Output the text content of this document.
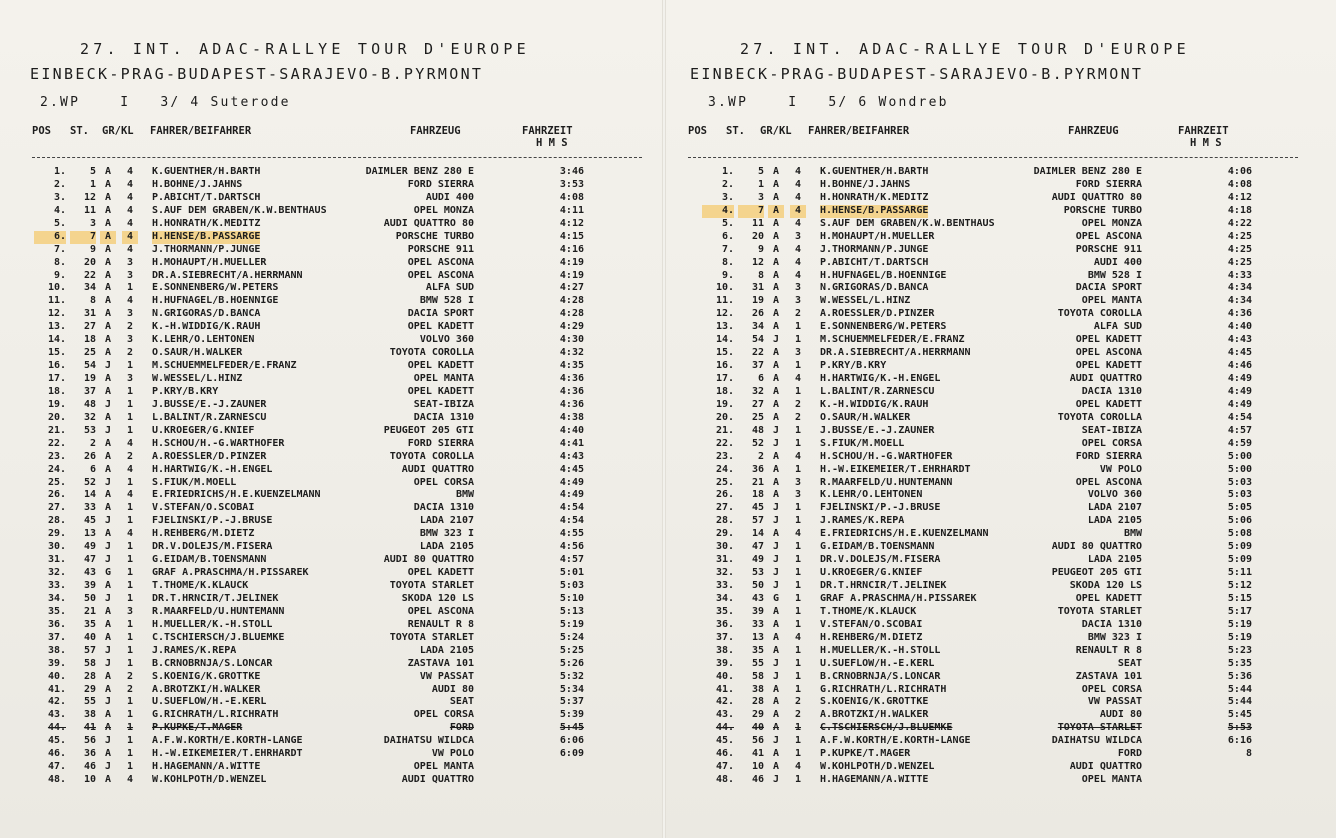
27. INT. ADAC-RALLYE TOUR D'EUROPE
EINBECK-PRAG-BUDAPEST-SARAJEVO-B.PYRMONT
2.WP    I   3/ 4 Suterode
POS ST. GR/KL FAHRER/BEIFAHRER	FAHRZEUG	FAHRZEIT
H M S
1.	5 A	4	K.GUENTHER/H.BARTH	DAIMLER BENZ 280 E	3:46
2.	1 A	4	H.BOHNE/J.JAHNS	FORD SIERRA	3:53
3.	12 A	4	P.ABICHT/T.DARTSCH	AUDI 400	4:08
4.	11 A	4	S.AUF DEM GRABEN/K.W.BENTHAUS	OPEL MONZA	4:11
5.	3 A	4	H.HONRATH/K.MEDITZ	AUDI QUATTRO 80	4:12
6.	7 A	4	H.HENSE/B.PASSARGE	PORSCHE TURBO	4:15
7.	9 A	4	J.THORMANN/P.JUNGE	PORSCHE 911	4:16
8.	20 A	3	H.MOHAUPT/H.MUELLER	OPEL ASCONA	4:19
9.	22 A	3	DR.A.SIEBRECHT/A.HERRMANN	OPEL ASCONA	4:19
10.	34 A	1	E.SONNENBERG/W.PETERS	ALFA SUD	4:27
11.	8 A	4	H.HUFNAGEL/B.HOENNIGE	BMW 528 I	4:28
12.	31 A	3	N.GRIGORAS/D.BANCA	DACIA SPORT	4:28
13.	27 A	2	K.-H.WIDDIG/K.RAUH	OPEL KADETT	4:29
14.	18 A	3	K.LEHR/O.LEHTONEN	VOLVO 360	4:30
15.	25 A	2	O.SAUR/H.WALKER	TOYOTA COROLLA	4:32
16.	54 J	1	M.SCHUEMMELFEDER/E.FRANZ	OPEL KADETT	4:35
17.	19 A	3	W.WESSEL/L.HINZ	OPEL MANTA	4:36
18.	37 A	1	P.KRY/B.KRY	OPEL KADETT	4:36
19.	48 J	1	J.BUSSE/E.-J.ZAUNER	SEAT-IBIZA	4:36
20.	32 A	1	L.BALINT/R.ZARNESCU	DACIA 1310	4:38
21.	53 J	1	U.KROEGER/G.KNIEF	PEUGEOT 205 GTI	4:40
22.	2 A	4	H.SCHOU/H.-G.WARTHOFER	FORD SIERRA	4:41
23.	26 A	2	A.ROESSLER/D.PINZER	TOYOTA COROLLA	4:43
24.	6 A	4	H.HARTWIG/K.-H.ENGEL	AUDI QUATTRO	4:45
25.	52 J	1	S.FIUK/M.MOELL	OPEL CORSA	4:49
26.	14 A	4	E.FRIEDRICHS/H.E.KUENZELMANN	BMW	4:49
27.	33 A	1	V.STEFAN/O.SCOBAI	DACIA 1310	4:54
28.	45 J	1	FJELINSKI/P.-J.BRUSE	LADA 2107	4:54
29.	13 A	4	H.REHBERG/M.DIETZ	BMW 323 I	4:55
30.	49 J	1	DR.V.DOLEJS/M.FISERA	LADA 2105	4:56
31.	47 J	1	G.EIDAM/B.TOENSMANN	AUDI 80 QUATTRO	4:57
32.	43 G	1	GRAF A.PRASCHMA/H.PISSAREK	OPEL KADETT	5:01
33.	39 A	1	T.THOME/K.KLAUCK	TOYOTA STARLET	5:03
34.	50 J	1	DR.T.HRNCIR/T.JELINEK	SKODA 120 LS	5:10
35.	21 A	3	R.MAARFELD/U.HUNTEMANN	OPEL ASCONA	5:13
36.	35 A	1	H.MUELLER/K.-H.STOLL	RENAULT R 8	5:19
37.	40 A	1	C.TSCHIERSCH/J.BLUEMKE	TOYOTA STARLET	5:24
38.	57 J	1	J.RAMES/K.REPA	LADA 2105	5:25
39.	58 J	1	B.CRNOBRNJA/S.LONCAR	ZASTAVA 101	5:26
40.	28 A	2	S.KOENIG/K.GROTTKE	VW PASSAT	5:32
41.	29 A	2	A.BROTZKI/H.WALKER	AUDI 80	5:34
42.	55 J	1	U.SUEFLOW/H.-E.KERL	SEAT	5:37
43.	38 A	1	G.RICHRATH/L.RICHRATH	OPEL CORSA	5:39
44.	41 A	1	P.KUPKE/T.MAGER	FORD	5:45
45.	56 J	1	A.F.W.KORTH/E.KORTH-LANGE	DAIHATSU WILDCA	6:06
46.	36 A	1	H.-W.EIKEMEIER/T.EHRHARDT	VW POLO	6:09
47.	46 J	1	H.HAGEMANN/A.WITTE	OPEL MANTA
48.	10 A	4	W.KOHLPOTH/D.WENZEL	AUDI QUATTRO
27. INT. ADAC-RALLYE TOUR D'EUROPE
EINBECK-PRAG-BUDAPEST-SARAJEVO-B.PYRMONT
3.WP    I   5/ 6 Wondreb
POS ST. GR/KL FAHRER/BEIFAHRER	FAHRZEUG	FAHRZEIT
H M S
1.	5 A	4	K.GUENTHER/H.BARTH	DAIMLER BENZ 280 E	4:06
2.	1 A	4	H.BOHNE/J.JAHNS	FORD SIERRA	4:08
3.	3 A	4	H.HONRATH/K.MEDITZ	AUDI QUATTRO 80	4:12
4.	7 A	4	H.HENSE/B.PASSARGE	PORSCHE TURBO	4:18
5.	11 A	4	S.AUF DEM GRABEN/K.W.BENTHAUS	OPEL MONZA	4:22
6.	20 A	3	H.MOHAUPT/H.MUELLER	OPEL ASCONA	4:25
7.	9 A	4	J.THORMANN/P.JUNGE	PORSCHE 911	4:25
8.	12 A	4	P.ABICHT/T.DARTSCH	AUDI 400	4:25
9.	8 A	4	H.HUFNAGEL/B.HOENNIGE	BMW 528 I	4:33
10.	31 A	3	N.GRIGORAS/D.BANCA	DACIA SPORT	4:34
11.	19 A	3	W.WESSEL/L.HINZ	OPEL MANTA	4:34
12.	26 A	2	A.ROESSLER/D.PINZER	TOYOTA COROLLA	4:36
13.	34 A	1	E.SONNENBERG/W.PETERS	ALFA SUD	4:40
14.	54 J	1	M.SCHUEMMELFEDER/E.FRANZ	OPEL KADETT	4:43
15.	22 A	3	DR.A.SIEBRECHT/A.HERRMANN	OPEL ASCONA	4:45
16.	37 A	1	P.KRY/B.KRY	OPEL KADETT	4:46
17.	6 A	4	H.HARTWIG/K.-H.ENGEL	AUDI QUATTRO	4:49
18.	32 A	1	L.BALINT/R.ZARNESCU	DACIA 1310	4:49
19.	27 A	2	K.-H.WIDDIG/K.RAUH	OPEL KADETT	4:49
20.	25 A	2	O.SAUR/H.WALKER	TOYOTA COROLLA	4:54
21.	48 J	1	J.BUSSE/E.-J.ZAUNER	SEAT-IBIZA	4:57
22.	52 J	1	S.FIUK/M.MOELL	OPEL CORSA	4:59
23.	2 A	4	H.SCHOU/H.-G.WARTHOFER	FORD SIERRA	5:00
24.	36 A	1	H.-W.EIKEMEIER/T.EHRHARDT	VW POLO	5:00
25.	21 A	3	R.MAARFELD/U.HUNTEMANN	OPEL ASCONA	5:03
26.	18 A	3	K.LEHR/O.LEHTONEN	VOLVO 360	5:03
27.	45 J	1	FJELINSKI/P.-J.BRUSE	LADA 2107	5:05
28.	57 J	1	J.RAMES/K.REPA	LADA 2105	5:06
29.	14 A	4	E.FRIEDRICHS/H.E.KUENZELMANN	BMW	5:08
30.	47 J	1	G.EIDAM/B.TOENSMANN	AUDI 80 QUATTRO	5:09
31.	49 J	1	DR.V.DOLEJS/M.FISERA	LADA 2105	5:09
32.	53 J	1	U.KROEGER/G.KNIEF	PEUGEOT 205 GTI	5:11
33.	50 J	1	DR.T.HRNCIR/T.JELINEK	SKODA 120 LS	5:12
34.	43 G	1	GRAF A.PRASCHMA/H.PISSAREK	OPEL KADETT	5:15
35.	39 A	1	T.THOME/K.KLAUCK	TOYOTA STARLET	5:17
36.	33 A	1	V.STEFAN/O.SCOBAI	DACIA 1310	5:19
37.	13 A	4	H.REHBERG/M.DIETZ	BMW 323 I	5:19
38.	35 A	1	H.MUELLER/K.-H.STOLL	RENAULT R 8	5:23
39.	55 J	1	U.SUEFLOW/H.-E.KERL	SEAT	5:35
40.	58 J	1	B.CRNOBRNJA/S.LONCAR	ZASTAVA 101	5:36
41.	38 A	1	G.RICHRATH/L.RICHRATH	OPEL CORSA	5:44
42.	28 A	2	S.KOENIG/K.GROTTKE	VW PASSAT	5:44
43.	29 A	2	A.BROTZKI/H.WALKER	AUDI 80	5:45
44.	40 A	1	C.TSCHIERSCH/J.BLUEMKE	TOYOTA STARLET	5:53
45.	56 J	1	A.F.W.KORTH/E.KORTH-LANGE	DAIHATSU WILDCA	6:16
46.	41 A	1	P.KUPKE/T.MAGER	FORD	8
47.	10 A	4	W.KOHLPOTH/D.WENZEL	AUDI QUATTRO
48.	46 J	1	H.HAGEMANN/A.WITTE	OPEL MANTA
